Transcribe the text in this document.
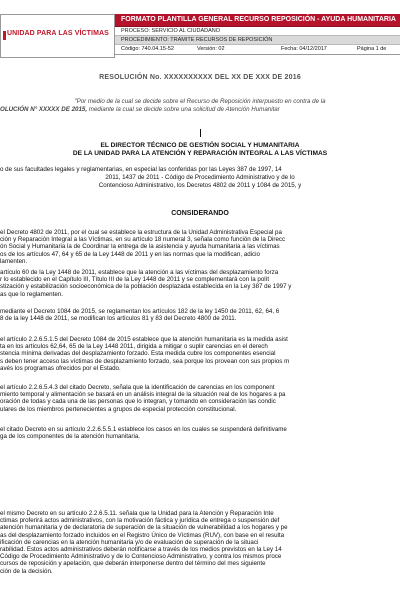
UNIDAD PARA LAS VÍCTIMAS
FORMATO PLANTILLA GENERAL RECURSO REPOSICIÓN - AYUDA HUMANITARIA
PROCESO: SERVICIO AL CIUDADANO
PROCEDIMIENTO: TRAMITE RECURSOS DE REPOSICIÓN
Código: 740.04.15-52	Versión: 02	Fecha: 04/12/2017	Página 1 de
RESOLUCIÓN No. XXXXXXXXXX DEL XX DE XXX DE 2016
"Por medio de la cual se decide sobre el Recurso de Reposición interpuesto en contra de la
OLUCIÓN N° XXXXX DE 2015, mediante la cual se decide sobre una solicitud de Atención Humanitar
EL DIRECTOR TÉCNICO DE GESTIÓN SOCIAL Y HUMANITARIA
DE LA UNIDAD PARA LA ATENCIÓN Y REPARACIÓN INTEGRAL A LAS VÍCTIMAS
o de sus facultades legales y reglamentarias, en especial las conferidas por las Leyes 387 de 1997, 14
2011, 1437 de 2011 - Código de Procedimiento Administrativo y de lo
Contencioso Administrativo, los Decretos 4802 de 2011 y 1084 de 2015, y
CONSIDERANDO
el Decreto 4802 de 2011, por el cual se establece la estructura de la Unidad Administrativa Especial pa
ción y Reparación Integral a las Víctimas, en su artículo 18 numeral 3, señala como función de la Direcc
ón Social y Humanitaria la de Coordinar la entrega de la asistencia y ayuda humanitaria a las víctimas
os de los artículos 47, 64 y 65 de la Ley 1448 de 2011 y en las normas que la modifican, adicio
lamenten.
artículo 60 de la Ley 1448 de 2011, establece que la atención a las víctimas del desplazamiento forza
r lo establecido en el Capítulo III, Título III de la Ley 1448 de 2011 y se complementará con la polít
stización y estabilización socioeconómica de la población desplazada establecida en la Ley 387 de 1997 y
as que lo reglamenten.
mediante el Decreto 1084 de 2015, se reglamentan los artículos 182 de la ley 1450 de 2011, 62, 64, 6
8 de la ley 1448 de 2011, se modifican los artículos 81 y 83 del Decreto 4800 de 2011.
el artículo 2.2.6.5.1.5 del Decreto 1084 de 2015 establece que la atención humanitaria es la medida asist
ta en los artículos 62,64, 65 de la Ley 1448 2011, dirigida a mitigar o suplir carencias en el derech
stencia mínima derivadas del desplazamiento forzado. Esta medida cubre los componentes esencial
s deben tener acceso las víctimas de desplazamiento forzado, sea porque los provean con sus propios m
avés los programas ofrecidos por el Estado.
el artículo 2.2.6.5.4.3 del citado Decreto, señala que la identificación de carencias en los component
miento temporal y alimentación se basará en un análisis integral de la situación real de los hogares a pa
oración de todas y cada una de las personas que lo integran, y tomando en consideración las condic
ulares de los miembros pertenecientes a grupos de especial protección constitucional.
el citado Decreto en su artículo 2.2.6.5.5.1 establece los casos en los cuales se suspenderá definitivame
ga de los componentes de la atención humanitaria.
el mismo Decreto en su artículo 2.2.6.5.11. señala que la Unidad para la Atención y Reparación Inte
ctimas proferirá actos administrativos, con la motivación fáctica y jurídica de entrega o suspensión def
atención humanitaria y de declaratoria de superación de la situación de vulnerabilidad a los hogares y pe
as del desplazamiento forzado incluidos en el Registro Único de Víctimas (RUV), con base en el resulta
ificación de carencias en la atención humanitaria y/o de evaluación de superación de la situaci
rabilidad. Estos actos administrativos deberán notificarse a través de los medios previstos en la Ley 14
Código de Procedimiento Administrativo y de lo Contencioso Administrativo, y contra los mismos proce
cursos de reposición y apelación, que deberán interponerse dentro del término del mes siguiente
ción de la decisión.
